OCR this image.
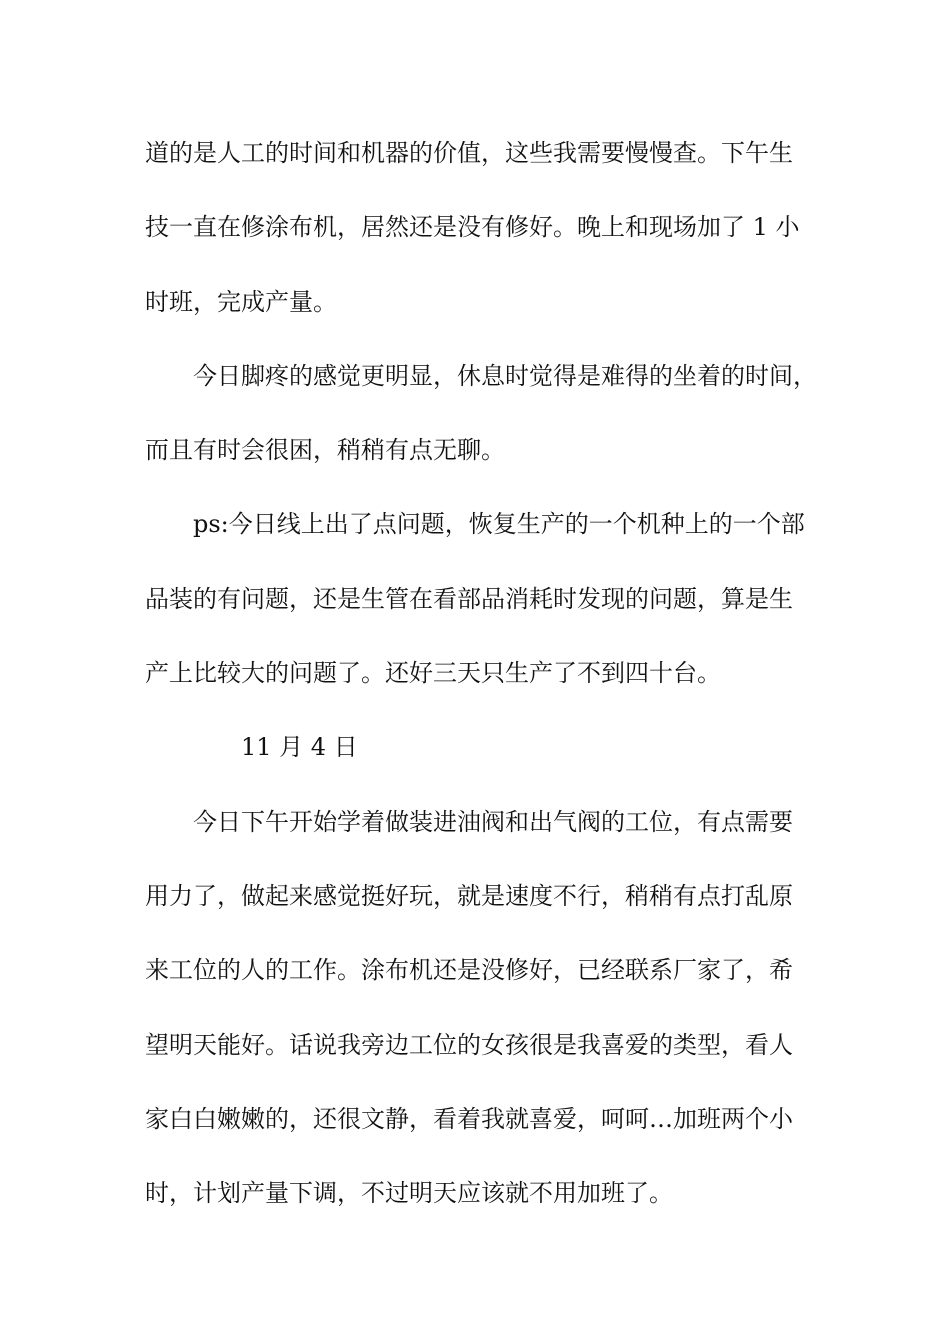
道的是人工的时间和机器的价值，这些我需要慢慢查。下午生
技一直在修涂布机，居然还是没有修好。晚上和现场加了 1 小
时班，完成产量。
今日脚疼的感觉更明显，休息时觉得是难得的坐着的时间，
而且有时会很困，稍稍有点无聊。
ps:今日线上出了点问题，恢复生产的一个机种上的一个部
品装的有问题，还是生管在看部品消耗时发现的问题，算是生
产上比较大的问题了。还好三天只生产了不到四十台。
11 月 4 日
今日下午开始学着做装进油阀和出气阀的工位，有点需要
用力了，做起来感觉挺好玩，就是速度不行，稍稍有点打乱原
来工位的人的工作。涂布机还是没修好，已经联系厂家了，希
望明天能好。话说我旁边工位的女孩很是我喜爱的类型，看人
家白白嫩嫩的，还很文静，看着我就喜爱，呵呵…加班两个小
时，计划产量下调，不过明天应该就不用加班了。
